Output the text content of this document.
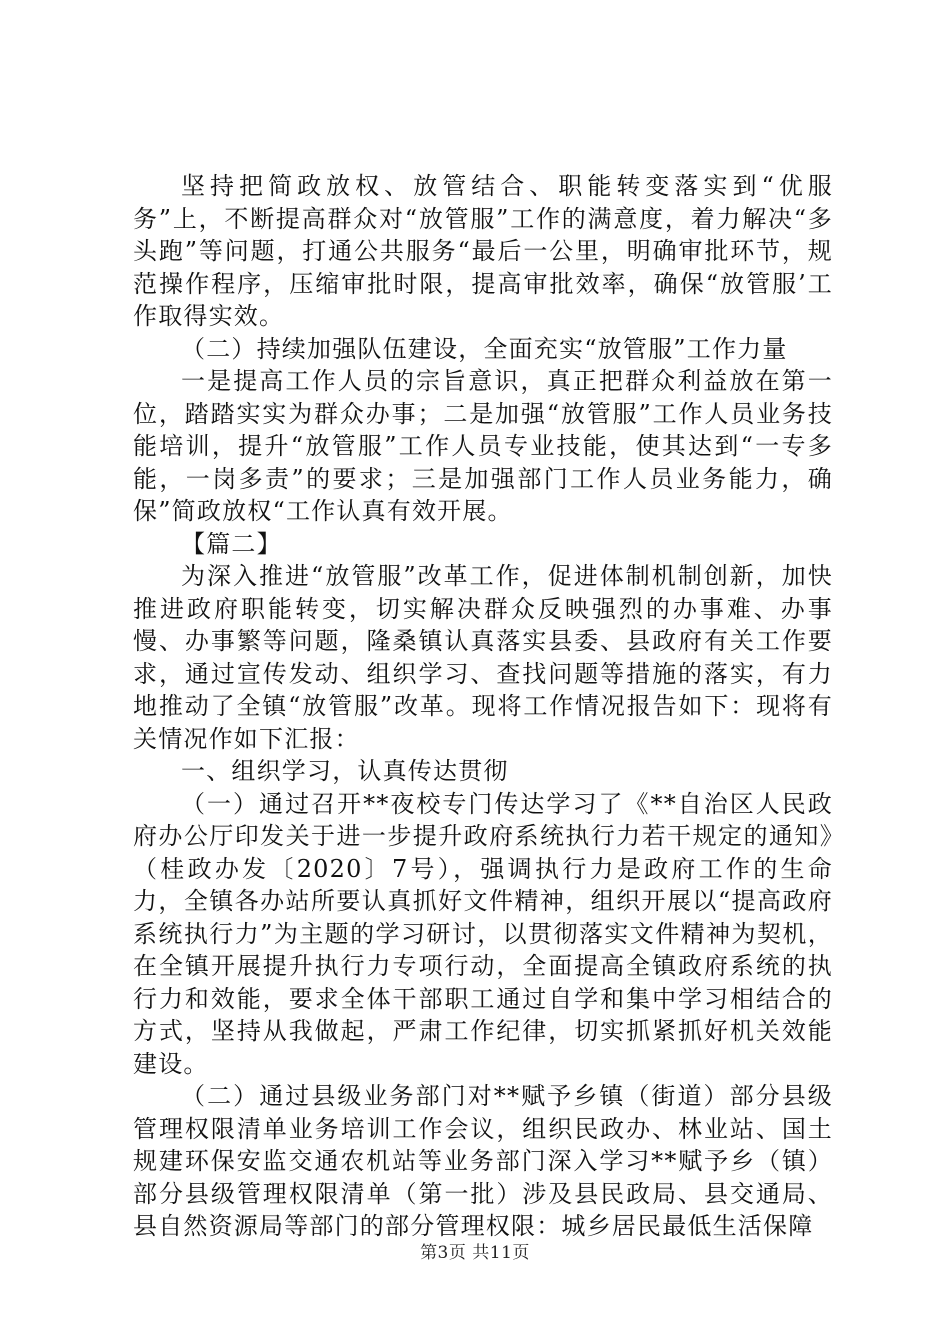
坚持把简政放权、放管结合、职能转变落实到“优服务”上，不断提高群众对“放管服”工作的满意度，着力解决“多头跑”等问题，打通公共服务“最后一公里，明确审批环节，规范操作程序，压缩审批时限，提高审批效率，确保“放管服’工作取得实效。

（二）持续加强队伍建设，全面充实“放管服”工作力量

一是提高工作人员的宗旨意识，真正把群众利益放在第一位，踏踏实实为群众办事；二是加强“放管服”工作人员业务技能培训，提升“放管服”工作人员专业技能，使其达到“一专多能，一岗多责”的要求；三是加强部门工作人员业务能力，确保”简政放权“工作认真有效开展。

【篇二】

为深入推进“放管服”改革工作，促进体制机制创新，加快推进政府职能转变，切实解决群众反映强烈的办事难、办事慢、办事繁等问题，隆桑镇认真落实县委、县政府有关工作要求，通过宣传发动、组织学习、查找问题等措施的落实，有力地推动了全镇“放管服”改革。现将工作情况报告如下：现将有关情况作如下汇报：

一、组织学习，认真传达贯彻

（一）通过召开**夜校专门传达学习了《**自治区人民政府办公厅印发关于进一步提升政府系统执行力若干规定的通知》（桂政办发〔2020〕7号），强调执行力是政府工作的生命力，全镇各办站所要认真抓好文件精神，组织开展以“提高政府系统执行力”为主题的学习研讨，以贯彻落实文件精神为契机，在全镇开展提升执行力专项行动，全面提高全镇政府系统的执行力和效能，要求全体干部职工通过自学和集中学习相结合的方式，坚持从我做起，严肃工作纪律，切实抓紧抓好机关效能建设。

（二）通过县级业务部门对**赋予乡镇（街道）部分县级管理权限清单业务培训工作会议，组织民政办、林业站、国土规建环保安监交通农机站等业务部门深入学习**赋予乡（镇）部分县级管理权限清单（第一批）涉及县民政局、县交通局、县自然资源局等部门的部分管理权限：城乡居民最低生活保障

第3页 共11页
